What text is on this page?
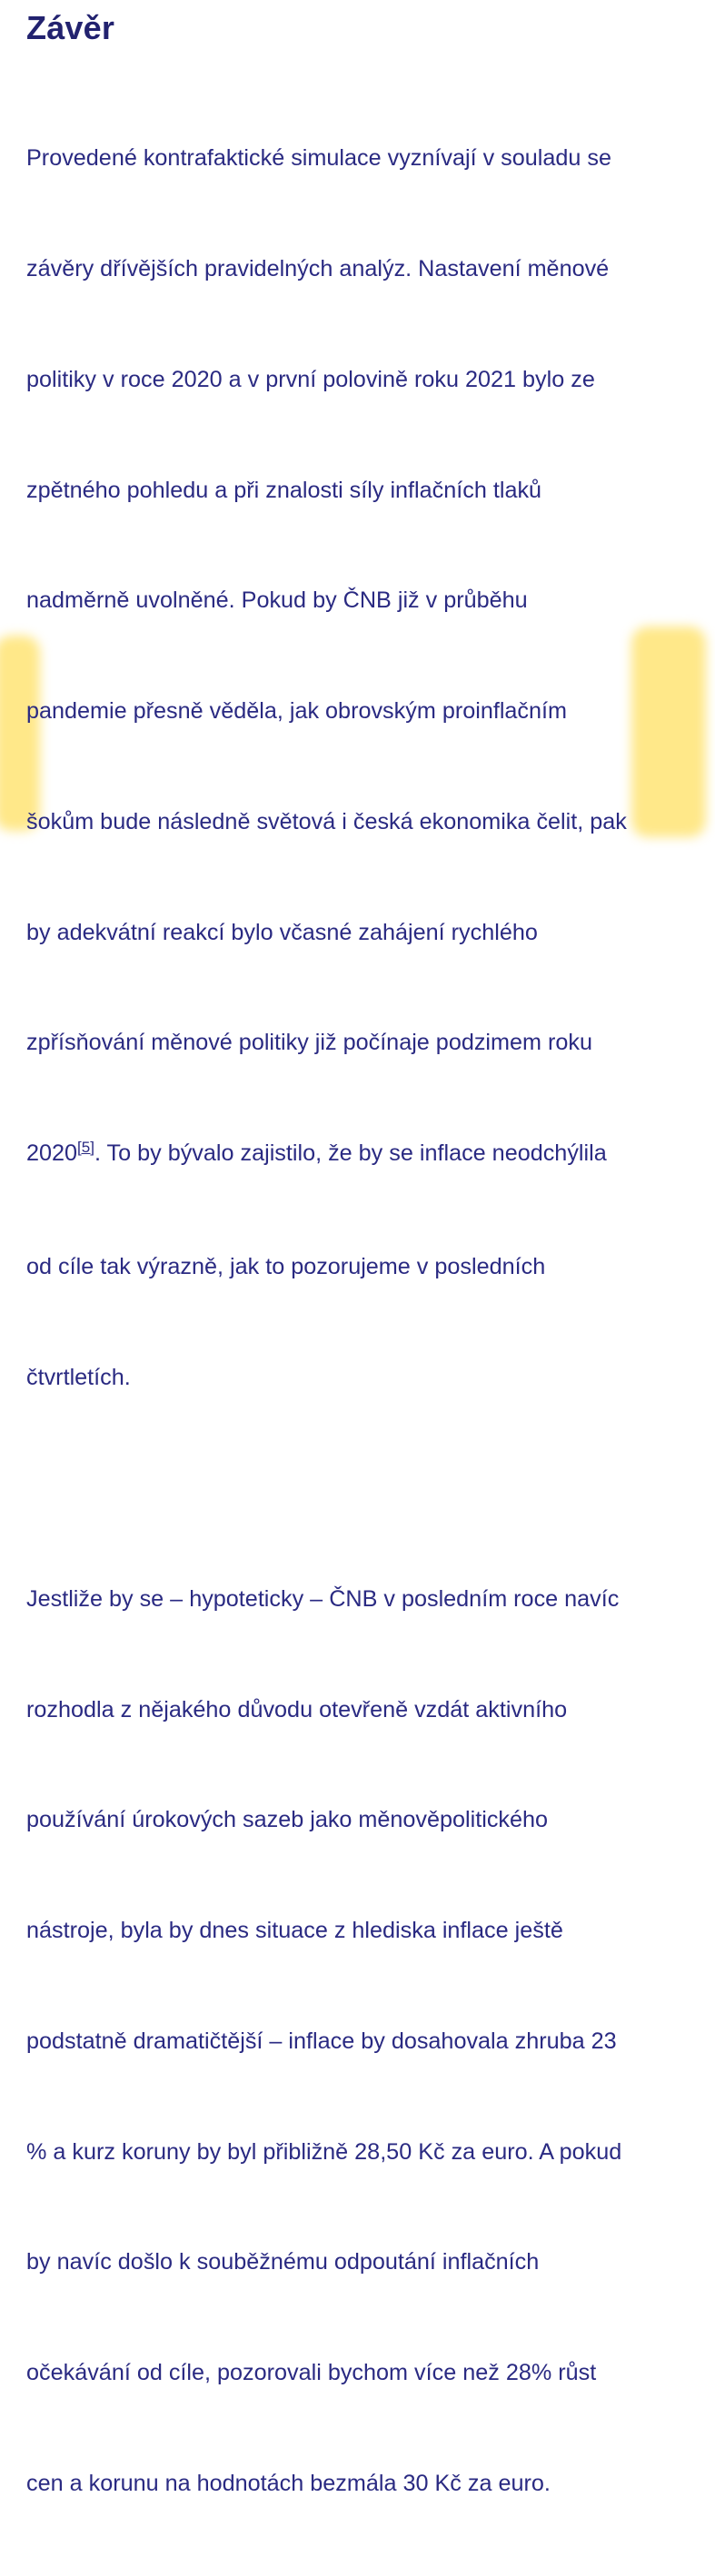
Závěr

Provedené kontrafaktické simulace vyznívají v souladu se

závěry dřívějších pravidelných analýz. Nastavení měnové

politiky v roce 2020 a v první polovině roku 2021 bylo ze

zpětného pohledu a při znalosti síly inflačních tlaků

nadměrně uvolněné. Pokud by ČNB již v průběhu

pandemie přesně věděla, jak obrovským proinflačním

šokům bude následně světová i česká ekonomika čelit, pak

by adekvátní reakcí bylo včasné zahájení rychlého

zpřísňování měnové politiky již počínaje podzimem roku

2020[5]. To by bývalo zajistilo, že by se inflace neodchýlila

od cíle tak výrazně, jak to pozorujeme v posledních

čtvrtletích.

Jestliže by se – hypoteticky – ČNB v posledním roce navíc

rozhodla z nějakého důvodu otevřeně vzdát aktivního

používání úrokových sazeb jako měnověpolitického

nástroje, byla by dnes situace z hlediska inflace ještě

podstatně dramatičtější – inflace by dosahovala zhruba 23

% a kurz koruny by byl přibližně 28,50 Kč za euro. A pokud

by navíc došlo k souběžnému odpoutání inflačních

očekávání od cíle, pozorovali bychom více než 28% růst

cen a korunu na hodnotách bezmála 30 Kč za euro.
